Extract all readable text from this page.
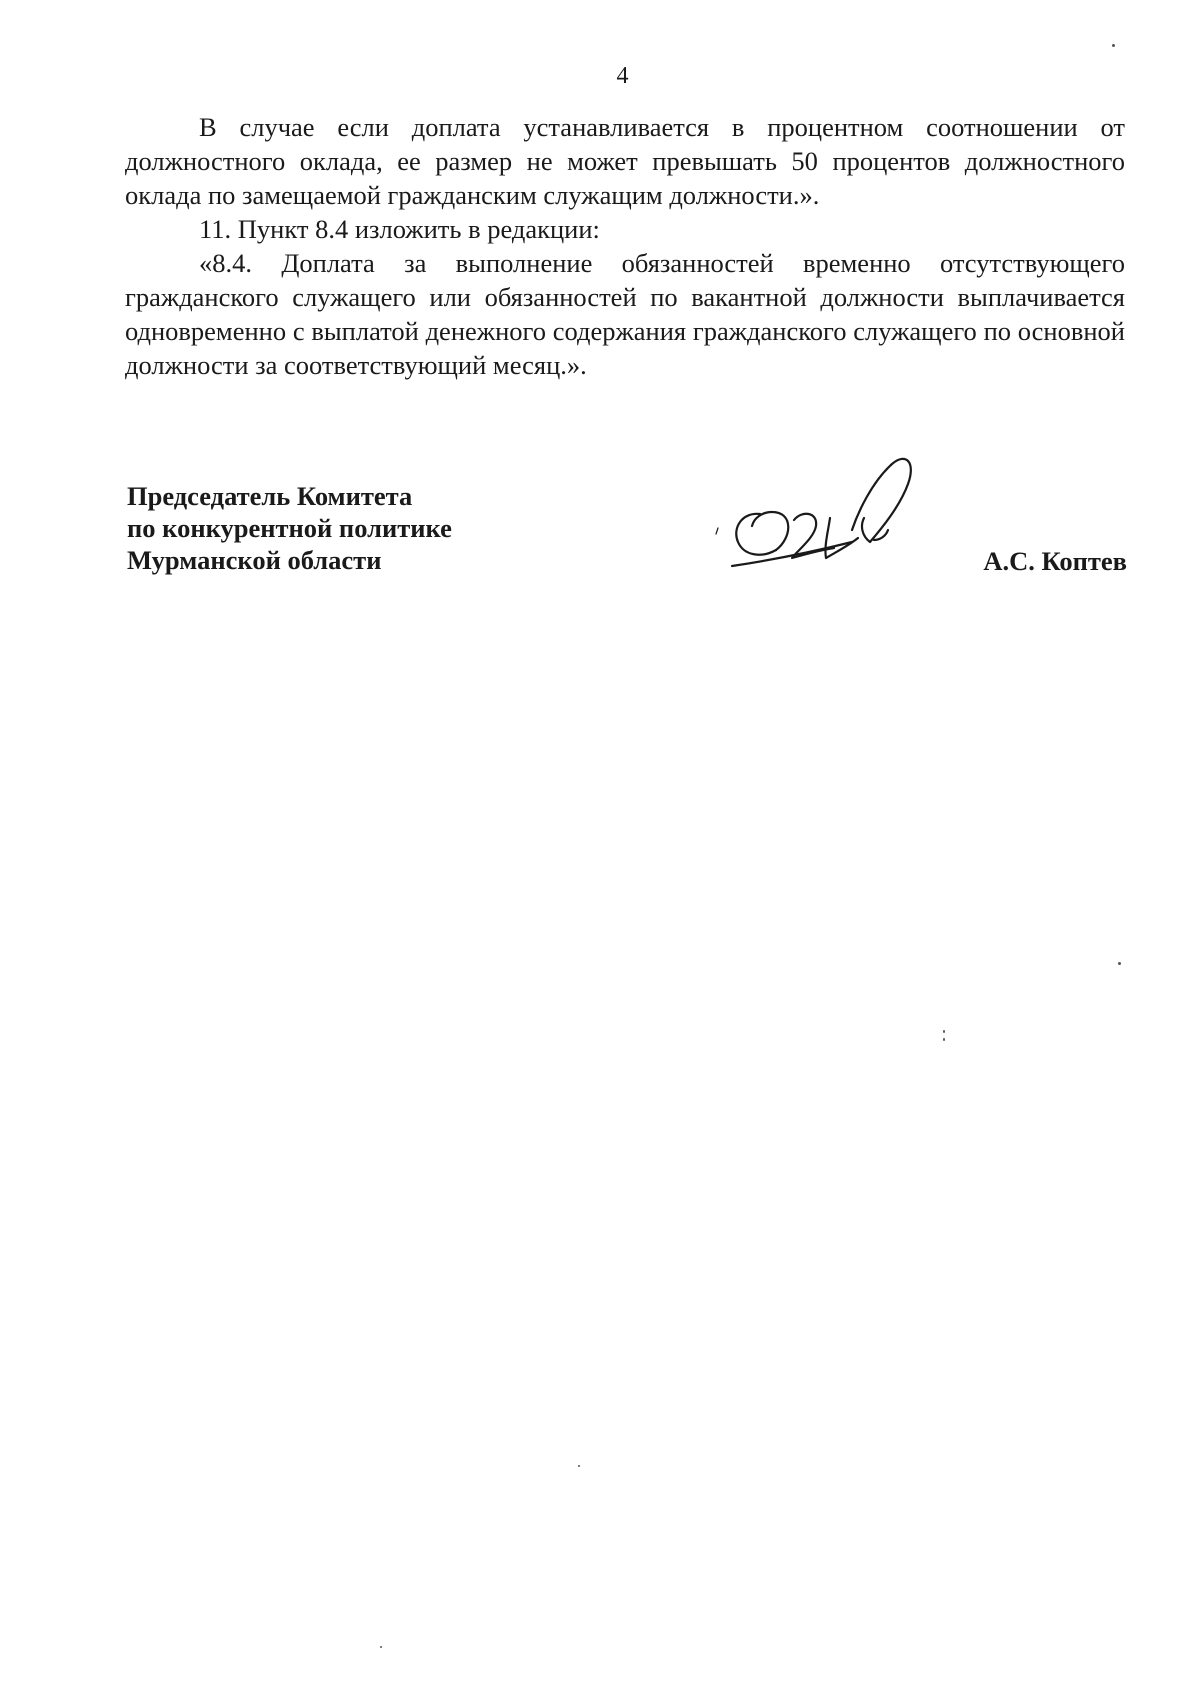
4

В случае если доплата устанавливается в процентном соотношении от должностного оклада, ее размер не может превышать 50 процентов должностного оклада по замещаемой гражданским служащим должности.».

11. Пункт 8.4 изложить в редакции:

«8.4. Доплата за выполнение обязанностей временно отсутствующего гражданского служащего или обязанностей по вакантной должности выплачивается одновременно с выплатой денежного содержания гражданского служащего по основной должности за соответствующий месяц.».

Председатель Комитета
по конкурентной политике
Мурманской области	А.С. Коптев
